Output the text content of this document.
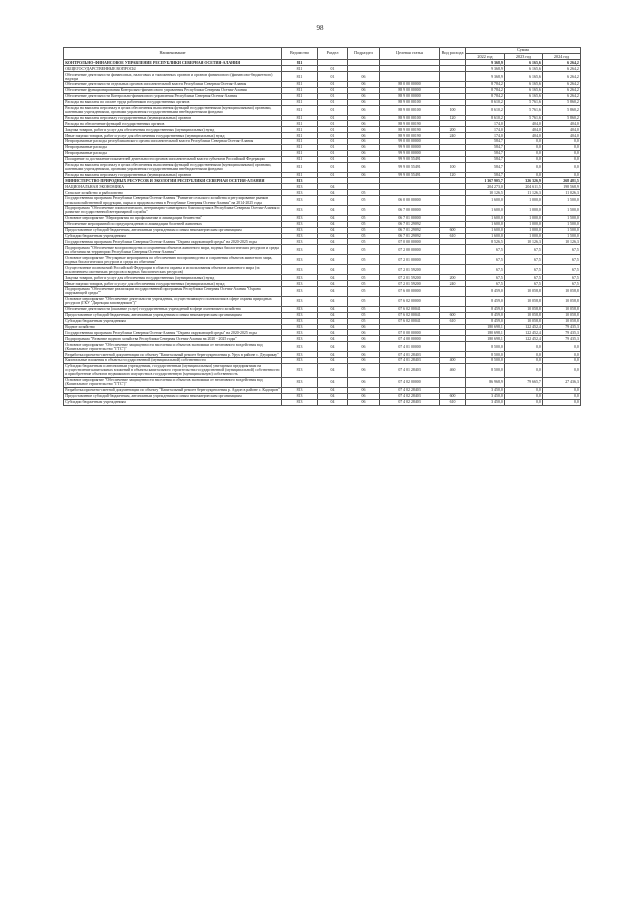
98
Наименование	Ведомство	Раздел	Подраздел	Целевая статья	Вид расхода	Сумма		
						2022 год	2023 год	2024 год
КОНТРОЛЬНО-ФИНАНСОВОЕ УПРАВЛЕНИЕ РЕСПУБЛИКИ СЕВЕРНАЯ ОСЕТИЯ-АЛАНИЯ	811					9 368,9	6 165,6	6 264,2
ОБЩЕГОСУДАРСТВЕННЫЕ ВОПРОСЫ	811	01				9 368,9	6 165,6	6 264,2
Обеспечение деятельности финансовых, налоговых и таможенных органов и органов финансового (финансово-бюджетного) надзора	811	01	06			9 368,9	6 165,6	6 264,2
Обеспечение деятельности отдельных органов исполнительной власти Республики Северная Осетия-Алания	811	01	06	88 0 00 00000		8 784,2	6 165,6	6 264,2
Обеспечение функционирования Контрольно-финансового управления Республики Северная Осетия-Алания	811	01	06	88 9 00 00000		8 784,2	6 165,6	6 264,2
Обеспечение деятельности Контрольно-финансового управления Республики Северная Осетия-Алания	811	01	06	88 9 00 00000		8 784,2	6 165,6	6 264,2
Расходы на выплаты по оплате труда работников государственных органов	811	01	06	88 9 00 00100		8 610,2	5 761,6	5 860,2
Расходы на выплаты персоналу в целях обеспечения выполнения функций государственными (муниципальными) органами, казенными учреждениями, органами управления государственными внебюджетными фондами	811	01	06	88 9 00 00100	100	8 610,2	5 761,6	5 860,2
Расходы на выплаты персоналу государственных (муниципальных) органов	811	01	06	88 9 00 00100	120	8 610,2	5 761,6	5 860,2
Расходы на обеспечение функций государственных органов	811	01	06	88 9 00 00190		174,0	404,0	404,0
Закупка товаров, работ и услуг для обеспечения государственных (муниципальных) нужд	811	01	06	88 9 00 00190	200	174,0	404,0	404,0
Иные закупки товаров, работ и услуг для обеспечения государственных (муниципальных) нужд	811	01	06	88 9 00 00190	240	174,0	404,0	404,0
Непрограммные расходы республиканского органа исполнительной власти Республики Северная Осетия-Алания	811	01	06	99 0 00 00000		584,7	0,0	0,0
Непрограммные расходы	811	01	06	99 9 00 00000		584,7	0,0	0,0
Непрограммные расходы	811	01	06	99 9 00 00000		584,7	0,0	0,0
Поощрение за достижение показателей деятельности органов исполнительной власти субъектов Российской Федерации	811	01	06	99 9 00 55491		584,7	0,0	0,0
Расходы на выплаты персоналу в целях обеспечения выполнения функций государственными (муниципальными) органами, казенными учреждениями, органами управления государственными внебюджетными фондами	811	01	06	99 9 00 55491	100	584,7	0,0	0,0
Расходы на выплаты персоналу государственных (муниципальных) органов	811	01	06	99 9 00 55491	120	584,7	0,0	0,0
МИНИСТЕРСТВО ПРИРОДНЫХ РЕСУРСОВ И ЭКОЛОГИИ РЕСПУБЛИКИ СЕВЕРНАЯ ОСЕТИЯ-АЛАНИЯ	813					1 367 905,7	326 326,9	268 481,5
НАЦИОНАЛЬНАЯ ЭКОНОМИКА	813	04				204 273,0	204 611,5	198 568,9
Сельское хозяйство и рыболовство	813	04	05			10 126,5	11 126,3	11 026,3
Государственная программа Республики Северная Осетия-Алания "Развитие сельского хозяйства и регулирование рынков сельскохозяйственной продукции, сырья и продовольствия в Республике Северная Осетия-Алания" на 2014-2025 годы	813	04	05	06 0 00 00000		1 600,0	1 000,0	1 500,0
Подпрограмма "Обеспечение эпизоотического, ветеринарно-санитарного благополучия в Республике Северная Осетия-Алания и развитие государственной ветеринарной службы"	813	04	05	06 7 00 00000		1 600,0	1 000,0	1 500,0
Основное мероприятие "Мероприятия по профилактике и ликвидации бешенства"	813	04	05	06 7 01 00000		1 600,0	1 000,0	1 500,0
Обеспечение мероприятий по предупреждению и ликвидации болезней животных	813	04	05	06 7 01 29092		1 600,0	1 000,0	1 500,0
Предоставление субсидий бюджетным, автономным учреждениям и иным некоммерческим организациям	813	04	05	06 7 01 29092	600	1 600,0	1 000,0	1 500,0
Субсидии бюджетным учреждениям	813	04	05	06 7 01 29092	610	1 600,0	1 000,0	1 500,0
Государственная программа Республики Северная Осетия-Алания "Охрана окружающей среды" на 2020-2025 годы	813	04	05	07 0 00 00000		8 526,5	10 126,3	10 126,3
Подпрограмма "Обеспечение воспроизводства и сохранения объектов животного мира, водных биологических ресурсов и среды их обитания на территории Республики Северная Осетия-Алания"	813	04	05	07 2 00 00000		67,5	67,5	67,5
Основное мероприятие "Регулярные мероприятия по обеспечению воспроизводства и сохранения объектов животного мира, водных биологических ресурсов и среды их обитания"	813	04	05	07 2 01 00000		67,5	67,5	67,5
Осуществление полномочий Российской Федерации в области охраны и использования объектов животного мира (за исключением охотничьих ресурсов и водных биологических ресурсов)	813	04	05	07 2 01 59200		67,5	67,5	67,5
Закупка товаров, работ и услуг для обеспечения государственных (муниципальных) нужд	813	04	05	07 2 01 59200	200	67,5	67,5	67,5
Иные закупки товаров, работ и услуг для обеспечения государственных (муниципальных) нужд	813	04	05	07 2 01 59200	240	67,5	67,5	67,5
Подпрограмма "Обеспечение реализации государственной программы Республики Северная Осетия-Алания "Охрана окружающей среды""	813	04	05	07 6 00 00000		8 459,0	10 058,8	10 058,8
Основное мероприятие "Обеспечение деятельности учреждения, осуществляющего полномочия в сфере охраны природных ресурсов (ГКУ "Дирекция заповедников")"	813	04	05	07 6 02 00000		8 459,0	10 058,8	10 058,8
Обеспечение деятельности (оказание услуг) государственных учреждений в сфере охотничьего хозяйства	813	04	05	07 6 02 00041		8 459,0	10 058,8	10 058,8
Предоставление субсидий бюджетным, автономным учреждениям и иным некоммерческим организациям	813	04	05	07 6 02 00041	600	8 459,0	10 058,8	10 058,8
Субсидии бюджетным учреждениям	813	04	05	07 6 02 00041	610	8 459,0	10 058,8	10 058,8
Водное хозяйство	813	04	06			180 698,1	122 452,4	79 435,3
Государственная программа Республики Северная Осетия-Алания "Охрана окружающей среды" на 2020-2025 годы	813	04	06	07 0 00 00000		180 698,1	122 452,4	79 435,3
Подпрограмма "Развитие водного хозяйства Республики Северная Осетия-Алания на 2020 - 2025 годы"	813	04	06	07 4 00 00000		180 698,1	122 452,4	79 435,3
Основное мероприятие "Обеспечение защищенности населения и объектов экономики от негативного воздействия вод (Капитальное строительство "ГТС")"	813	04	06	07 4 01 00000		8 500,0	0,0	0,0
Разработка проектно-сметной документации по объекту "Капитальный ремонт берегоукрепления р. Урух в районе с. Дзуарикау"	813	04	06	07 4 01 28403		8 500,0	0,0	0,0
Капитальные вложения в объекты государственной (муниципальной) собственности	813	04	06	07 4 01 28403	400	8 500,0	0,0	0,0
Субсидии бюджетным и автономным учреждениям, государственным (муниципальным) унитарным предприятиям на осуществление капитальных вложений в объекты капитального строительства государственной (муниципальной) собственности и приобретение объектов недвижимого имущества в государственную (муниципальную) собственность	813	04	06	07 4 01 28403	460	8 500,0	0,0	0,0
Основное мероприятие "Обеспечение защищенности населения и объектов экономики от негативного воздействия вод (Капитальное строительство "ГТС")"	813	04	06	07 4 02 00000		86 968,9	79 665,7	27 436,3
Разработка проектно-сметной документации по объекту "Капитальный ремонт берегоукрепления р. Ардон в районе с. Кадгарон"	813	04	06	07 4 02 28403		3 450,0	0,0	0,0
Предоставление субсидий бюджетным, автономным учреждениям и иным некоммерческим организациям	813	04	06	07 4 02 28403	600	3 450,0	0,0	0,0
Субсидии бюджетным учреждениям	813	04	06	07 4 02 28403	610	3 450,0	0,0	0,0
